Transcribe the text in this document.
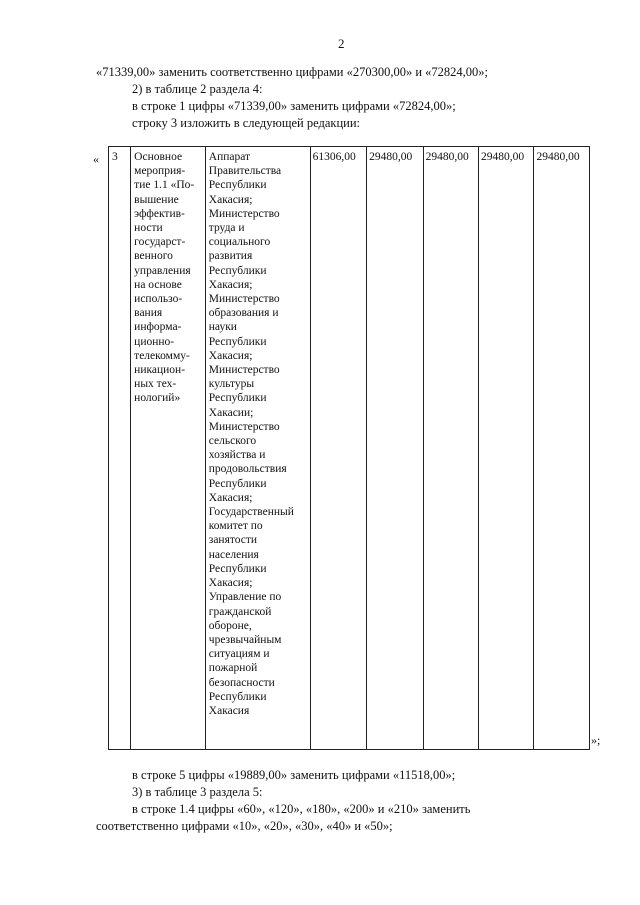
2
«71339,00» заменить соответственно цифрами «270300,00» и «72824,00»;
2) в таблице 2 раздела 4:
в строке 1 цифры «71339,00» заменить цифрами «72824,00»;
строку 3 изложить в следующей редакции:
« 3	Основное
мероприя-
тие 1.1 «По-
вышение
эффектив-
ности
государст-
венного
управления
на основе
использо-
вания
информа-
ционно-
телекомму-
никацион-
ных тех-
нологий»

Аппарат
Правительства
Республики
Хакасия;
Министерство
труда и
социального
развития
Республики
Хакасия;
Министерство
образования и
науки
Республики
Хакасия;
Министерство
культуры
Республики
Хакасии;
Министерство
сельского
хозяйства и
продовольствия
Республики
Хакасия;
Государственный
комитет по
занятости
населения
Республики
Хакасия;
Управление по
гражданской
обороне,
чрезвычайным
ситуациям и
пожарной
безопасности
Республики
Хакасия
	61306,00	29480,00	29480,00	29480,00	29480,00
»;
в строке 5 цифры «19889,00» заменить цифрами «11518,00»;
3) в таблице 3 раздела 5:
в строке 1.4 цифры «60», «120», «180», «200» и «210» заменить
соответственно цифрами «10», «20», «30», «40» и «50»;
